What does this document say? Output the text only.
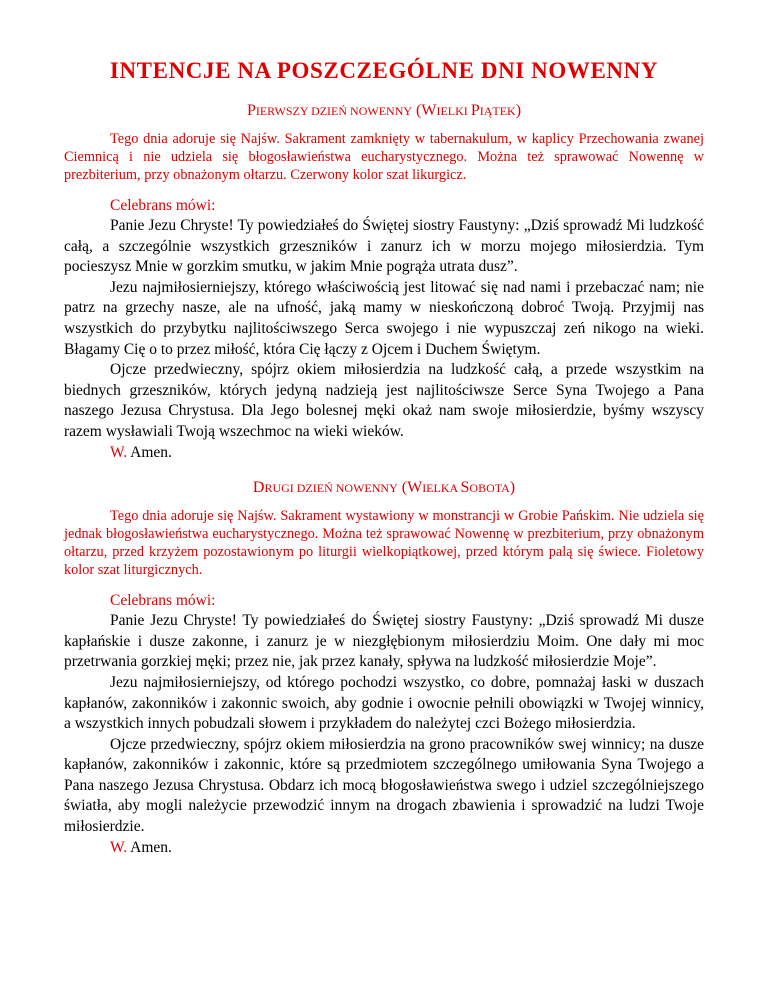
INTENCJE NA POSZCZEGÓLNE DNI NOWENNY
PIERWSZY DZIEŃ NOWENNY (WIELKI PIĄTEK)

Tego dnia adoruje się Najśw. Sakrament zamknięty w tabernakulum, w kaplicy Przechowania zwanej Ciemnicą i nie udziela się błogosławieństwa eucharystycznego. Można też sprawować Nowennę w prezbiterium, przy obnażonym ołtarzu. Czerwony kolor szat likurgicz.

Celebrans mówi:

Panie Jezu Chryste! Ty powiedziałeś do Świętej siostry Faustyny: „Dziś sprowadź Mi ludzkość całą, a szczególnie wszystkich grzeszników i zanurz ich w morzu mojego miłosierdzia. Tym pocieszysz Mnie w gorzkim smutku, w jakim Mnie pogrąża utrata dusz”.

Jezu najmiłosierniejszy, którego właściwością jest litować się nad nami i przebaczać nam; nie patrz na grzechy nasze, ale na ufność, jaką mamy w nieskończoną dobroć Twoją. Przyjmij nas wszystkich do przybytku najlitościwszego Serca swojego i nie wypuszczaj zeń nikogo na wieki. Błagamy Cię o to przez miłość, która Cię łączy z Ojcem i Duchem Świętym.

Ojcze przedwieczny, spójrz okiem miłosierdzia na ludzkość całą, a przede wszystkim na biednych grzeszników, których jedyną nadzieją jest najlitościwsze Serce Syna Twojego a Pana naszego Jezusa Chrystusa. Dla Jego bolesnej męki okaż nam swoje miłosierdzie, byśmy wszyscy razem wysławiali Twoją wszechmoc na wieki wieków.

W. Amen.

DRUGI DZIEŃ NOWENNY (WIELKA SOBOTA)

Tego dnia adoruje się Najśw. Sakrament wystawiony w monstrancji w Grobie Pańskim. Nie udziela się jednak błogosławieństwa eucharystycznego. Można też sprawować Nowennę w prezbiterium, przy obnażonym ołtarzu, przed krzyżem pozostawionym po liturgii wielkopiątkowej, przed którym palą się świece. Fioletowy kolor szat liturgicznych.

Celebrans mówi:

Panie Jezu Chryste! Ty powiedziałeś do Świętej siostry Faustyny: „Dziś sprowadź Mi dusze kapłańskie i dusze zakonne, i zanurz je w niezgłębionym miłosierdziu Moim. One dały mi moc przetrwania gorzkiej męki; przez nie, jak przez kanały, spływa na ludzkość miłosierdzie Moje”.

Jezu najmiłosierniejszy, od którego pochodzi wszystko, co dobre, pomnażaj łaski w duszach kapłanów, zakonników i zakonnic swoich, aby godnie i owocnie pełnili obowiązki w Twojej winnicy, a wszystkich innych pobudzali słowem i przykładem do należytej czci Bożego miłosierdzia.

Ojcze przedwieczny, spójrz okiem miłosierdzia na grono pracowników swej winnicy; na dusze kapłanów, zakonników i zakonnic, które są przedmiotem szczególnego umiłowania Syna Twojego a Pana naszego Jezusa Chrystusa. Obdarz ich mocą błogosławieństwa swego i udziel szczególniejszego światła, aby mogli należycie przewodzić innym na drogach zbawienia i sprowadzić na ludzi Twoje miłosierdzie.

W. Amen.
